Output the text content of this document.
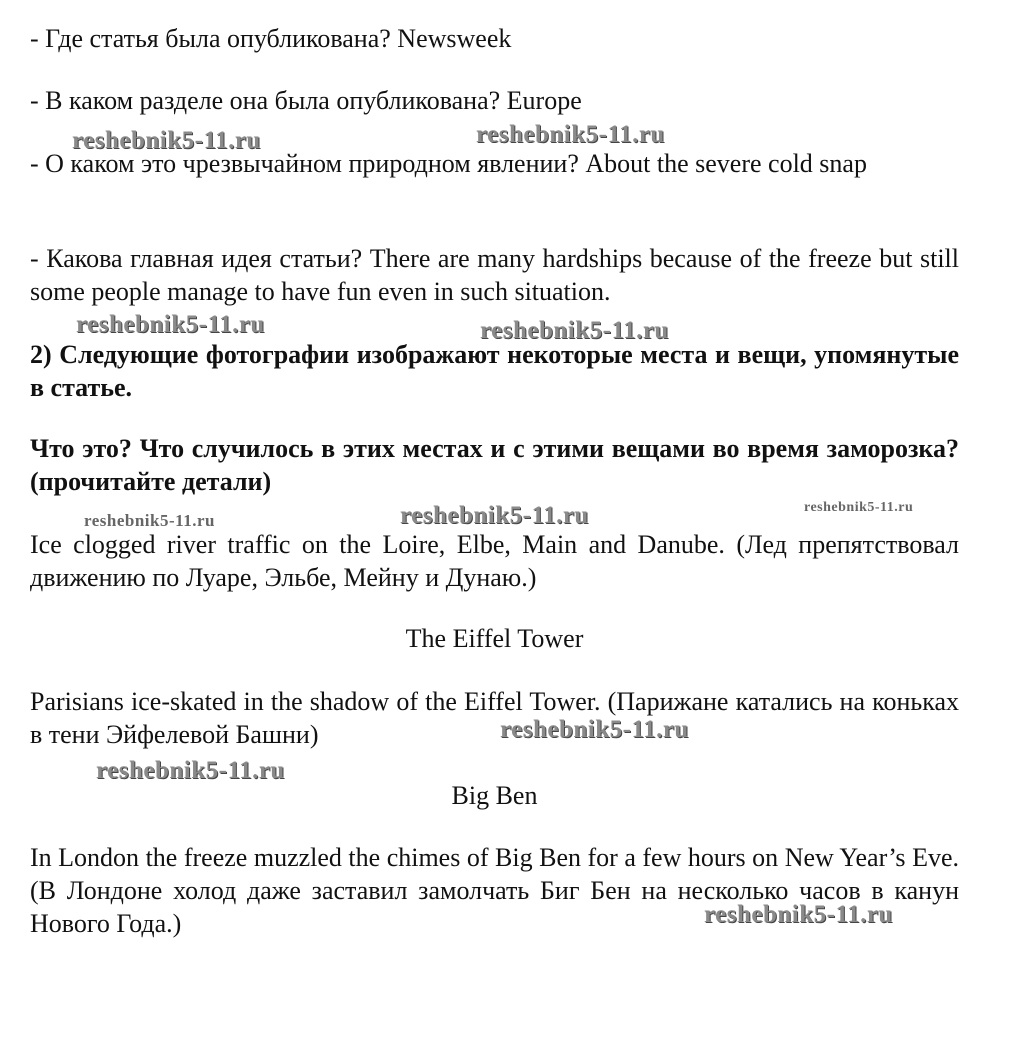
- Где статья была опубликована? Newsweek

- В каком разделе она была опубликована? Europe

- О каком это чрезвычайном природном явлении? About the severe cold snap

- Какова главная идея статьи? There are many hardships because of the freeze but still some people manage to have fun even in such situation.

2) Следующие фотографии изображают некоторые места и вещи, упомянутые в статье.

Что это? Что случилось в этих местах и с этими вещами во время заморозка? (прочитайте детали)

Ice clogged river traffic on the Loire, Elbe, Main and Danube. (Лед препятствовал движению по Луаре, Эльбе, Мейну и Дунаю.)

The Eiffel Tower

Parisians ice-skated in the shadow of the Eiffel Tower. (Парижане катались на коньках в тени Эйфелевой Башни)

Big Ben

In London the freeze muzzled the chimes of Big Ben for a few hours on New Year’s Eve. (В Лондоне холод даже заставил замолчать Биг Бен на несколько часов в канун Нового Года.)

reshebnik5-11.ru	reshebnik5-11.ru
reshebnik5-11.ru	reshebnik5-11.ru
reshebnik5-11.ru	reshebnik5-11.ru	reshebnik5-11.ru
reshebnik5-11.ru
reshebnik5-11.ru
reshebnik5-11.ru
